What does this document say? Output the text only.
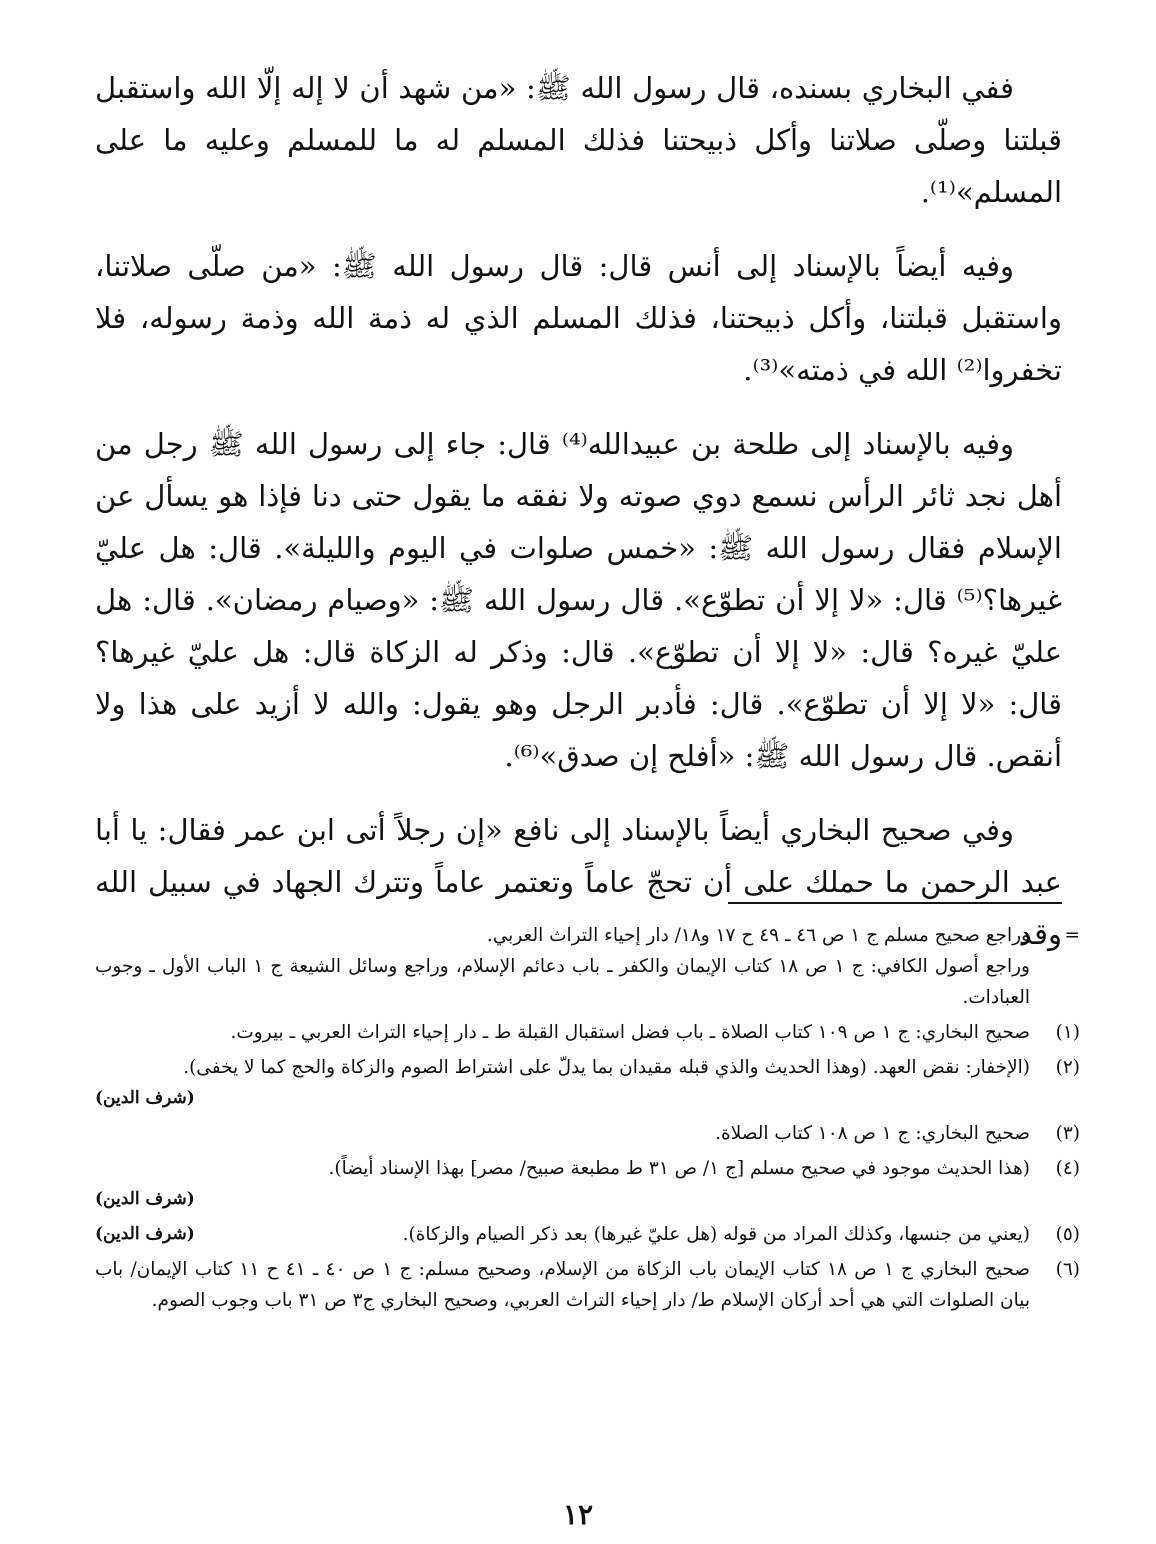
ففي البخاري بسنده، قال رسول الله ﷺ: «من شهد أن لا إله إلّا الله واستقبل قبلتنا وصلّى صلاتنا وأكل ذبيحتنا فذلك المسلم له ما للمسلم وعليه ما على المسلم»⁽¹⁾.

وفيه أيضاً بالإسناد إلى أنس قال: قال رسول الله ﷺ: «من صلّى صلاتنا، واستقبل قبلتنا، وأكل ذبيحتنا، فذلك المسلم الذي له ذمة الله وذمة رسوله، فلا تخفروا⁽²⁾ الله في ذمته»⁽³⁾.

وفيه بالإسناد إلى طلحة بن عبيدالله⁽⁴⁾ قال: جاء إلى رسول الله ﷺ رجل من أهل نجد ثائر الرأس نسمع دوي صوته ولا نفقه ما يقول حتى دنا فإذا هو يسأل عن الإسلام فقال رسول الله ﷺ: «خمس صلوات في اليوم والليلة». قال: هل عليّ غيرها؟⁽⁵⁾ قال: «لا إلا أن تطوّع». قال رسول الله ﷺ: «وصيام رمضان». قال: هل عليّ غيره؟ قال: «لا إلا أن تطوّع». قال: وذكر له الزكاة قال: هل عليّ غيرها؟ قال: «لا إلا أن تطوّع». قال: فأدبر الرجل وهو يقول: والله لا أزيد على هذا ولا أنقص. قال رسول الله ﷺ: «أفلح إن صدق»⁽⁶⁾.

وفي صحيح البخاري أيضاً بالإسناد إلى نافع «إن رجلاً أتى ابن عمر فقال: يا أبا عبد الرحمن ما حملك على أن تحجّ عاماً وتعتمر عاماً وتترك الجهاد في سبيل الله وقد =
وراجع صحيح مسلم ج ١ ص ٤٦ ـ ٤٩ ح ١٧ و١٨/ دار إحياء التراث العربي.
وراجع أصول الكافي: ج ١ ص ١٨ كتاب الإيمان والكفر ـ باب دعائم الإسلام، وراجع وسائل الشيعة ج ١ الباب الأول ـ وجوب العبادات.
(١)
صحيح البخاري: ج ١ ص ١٠٩ كتاب الصلاة ـ باب فضل استقبال القبلة ط ـ دار إحياء التراث العربي ـ بيروت.
(٢)
(الإخفار: نقض العهد. (وهذا الحديث والذي قبله مقيدان بما يدلّ على اشتراط الصوم والزكاة والحج كما لا يخفى).
(شرف الدين)
(٣)
صحيح البخاري: ج ١ ص ١٠٨ كتاب الصلاة.
(٤)
(هذا الحديث موجود في صحيح مسلم [ج ١/ ص ٣١ ط مطبعة صبيح/ مصر] بهذا الإسناد أيضاً).
(شرف الدين)
(٥)
(يعني من جنسها، وكذلك المراد من قوله (هل عليّ غيرها) بعد ذكر الصيام والزكاة).
(شرف الدين)
(٦)
صحيح البخاري ج ١ ص ١٨ كتاب الإيمان باب الزكاة من الإسلام، وصحيح مسلم: ج ١ ص ٤٠ ـ ٤١ ح ١١ كتاب الإيمان/ باب بيان الصلوات التي هي أحد أركان الإسلام ط/ دار إحياء التراث العربي، وصحيح البخاري ج٣ ص ٣١ باب وجوب الصوم.
١٢
